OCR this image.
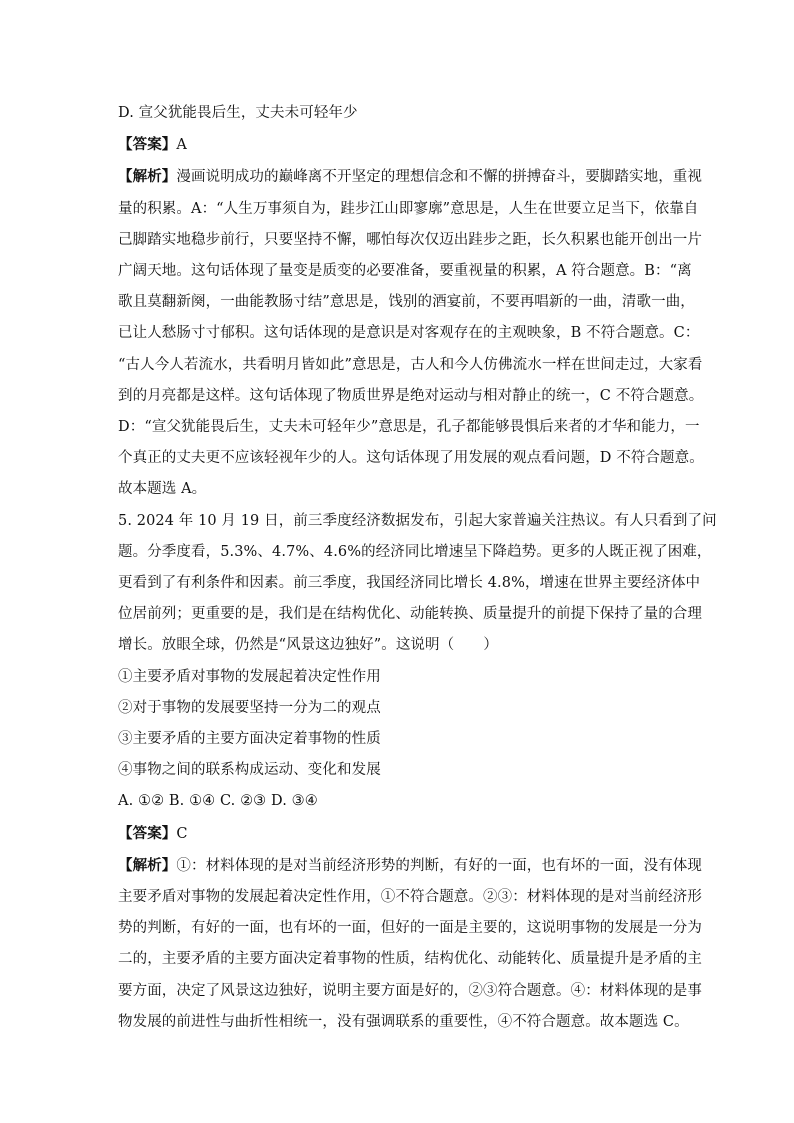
D. 宣父犹能畏后生，丈夫未可轻年少
【答案】A
【解析】漫画说明成功的巅峰离不开坚定的理想信念和不懈的拼搏奋斗，要脚踏实地，重视
量的积累。A：“人生万事须自为，跬步江山即寥廓”意思是，人生在世要立足当下，依靠自
己脚踏实地稳步前行，只要坚持不懈，哪怕每次仅迈出跬步之距，长久积累也能开创出一片
广阔天地。这句话体现了量变是质变的必要准备，要重视量的积累，A 符合题意。B：“离
歌且莫翻新阕，一曲能教肠寸结”意思是，饯别的酒宴前，不要再唱新的一曲，清歌一曲，
已让人愁肠寸寸郁积。这句话体现的是意识是对客观存在的主观映象，B 不符合题意。C：
“古人今人若流水，共看明月皆如此”意思是，古人和今人仿佛流水一样在世间走过，大家看
到的月亮都是这样。这句话体现了物质世界是绝对运动与相对静止的统一，C 不符合题意。
D：“宣父犹能畏后生，丈夫未可轻年少”意思是，孔子都能够畏惧后来者的才华和能力，一
个真正的丈夫更不应该轻视年少的人。这句话体现了用发展的观点看问题，D 不符合题意。
故本题选 A。
5. 2024 年 10 月 19 日，前三季度经济数据发布，引起大家普遍关注热议。有人只看到了问
题。分季度看，5.3%、4.7%、4.6%的经济同比增速呈下降趋势。更多的人既正视了困难，
更看到了有利条件和因素。前三季度，我国经济同比增长 4.8%，增速在世界主要经济体中
位居前列；更重要的是，我们是在结构优化、动能转换、质量提升的前提下保持了量的合理
增长。放眼全球，仍然是“风景这边独好”。这说明（　　）
①主要矛盾对事物的发展起着决定性作用
②对于事物的发展要坚持一分为二的观点
③主要矛盾的主要方面决定着事物的性质
④事物之间的联系构成运动、变化和发展
A. ①② B. ①④ C. ②③ D. ③④
【答案】C
【解析】①：材料体现的是对当前经济形势的判断，有好的一面，也有坏的一面，没有体现
主要矛盾对事物的发展起着决定性作用，①不符合题意。②③：材料体现的是对当前经济形
势的判断，有好的一面，也有坏的一面，但好的一面是主要的，这说明事物的发展是一分为
二的，主要矛盾的主要方面决定着事物的性质，结构优化、动能转化、质量提升是矛盾的主
要方面，决定了风景这边独好，说明主要方面是好的，②③符合题意。④：材料体现的是事
物发展的前进性与曲折性相统一，没有强调联系的重要性，④不符合题意。故本题选 C。
